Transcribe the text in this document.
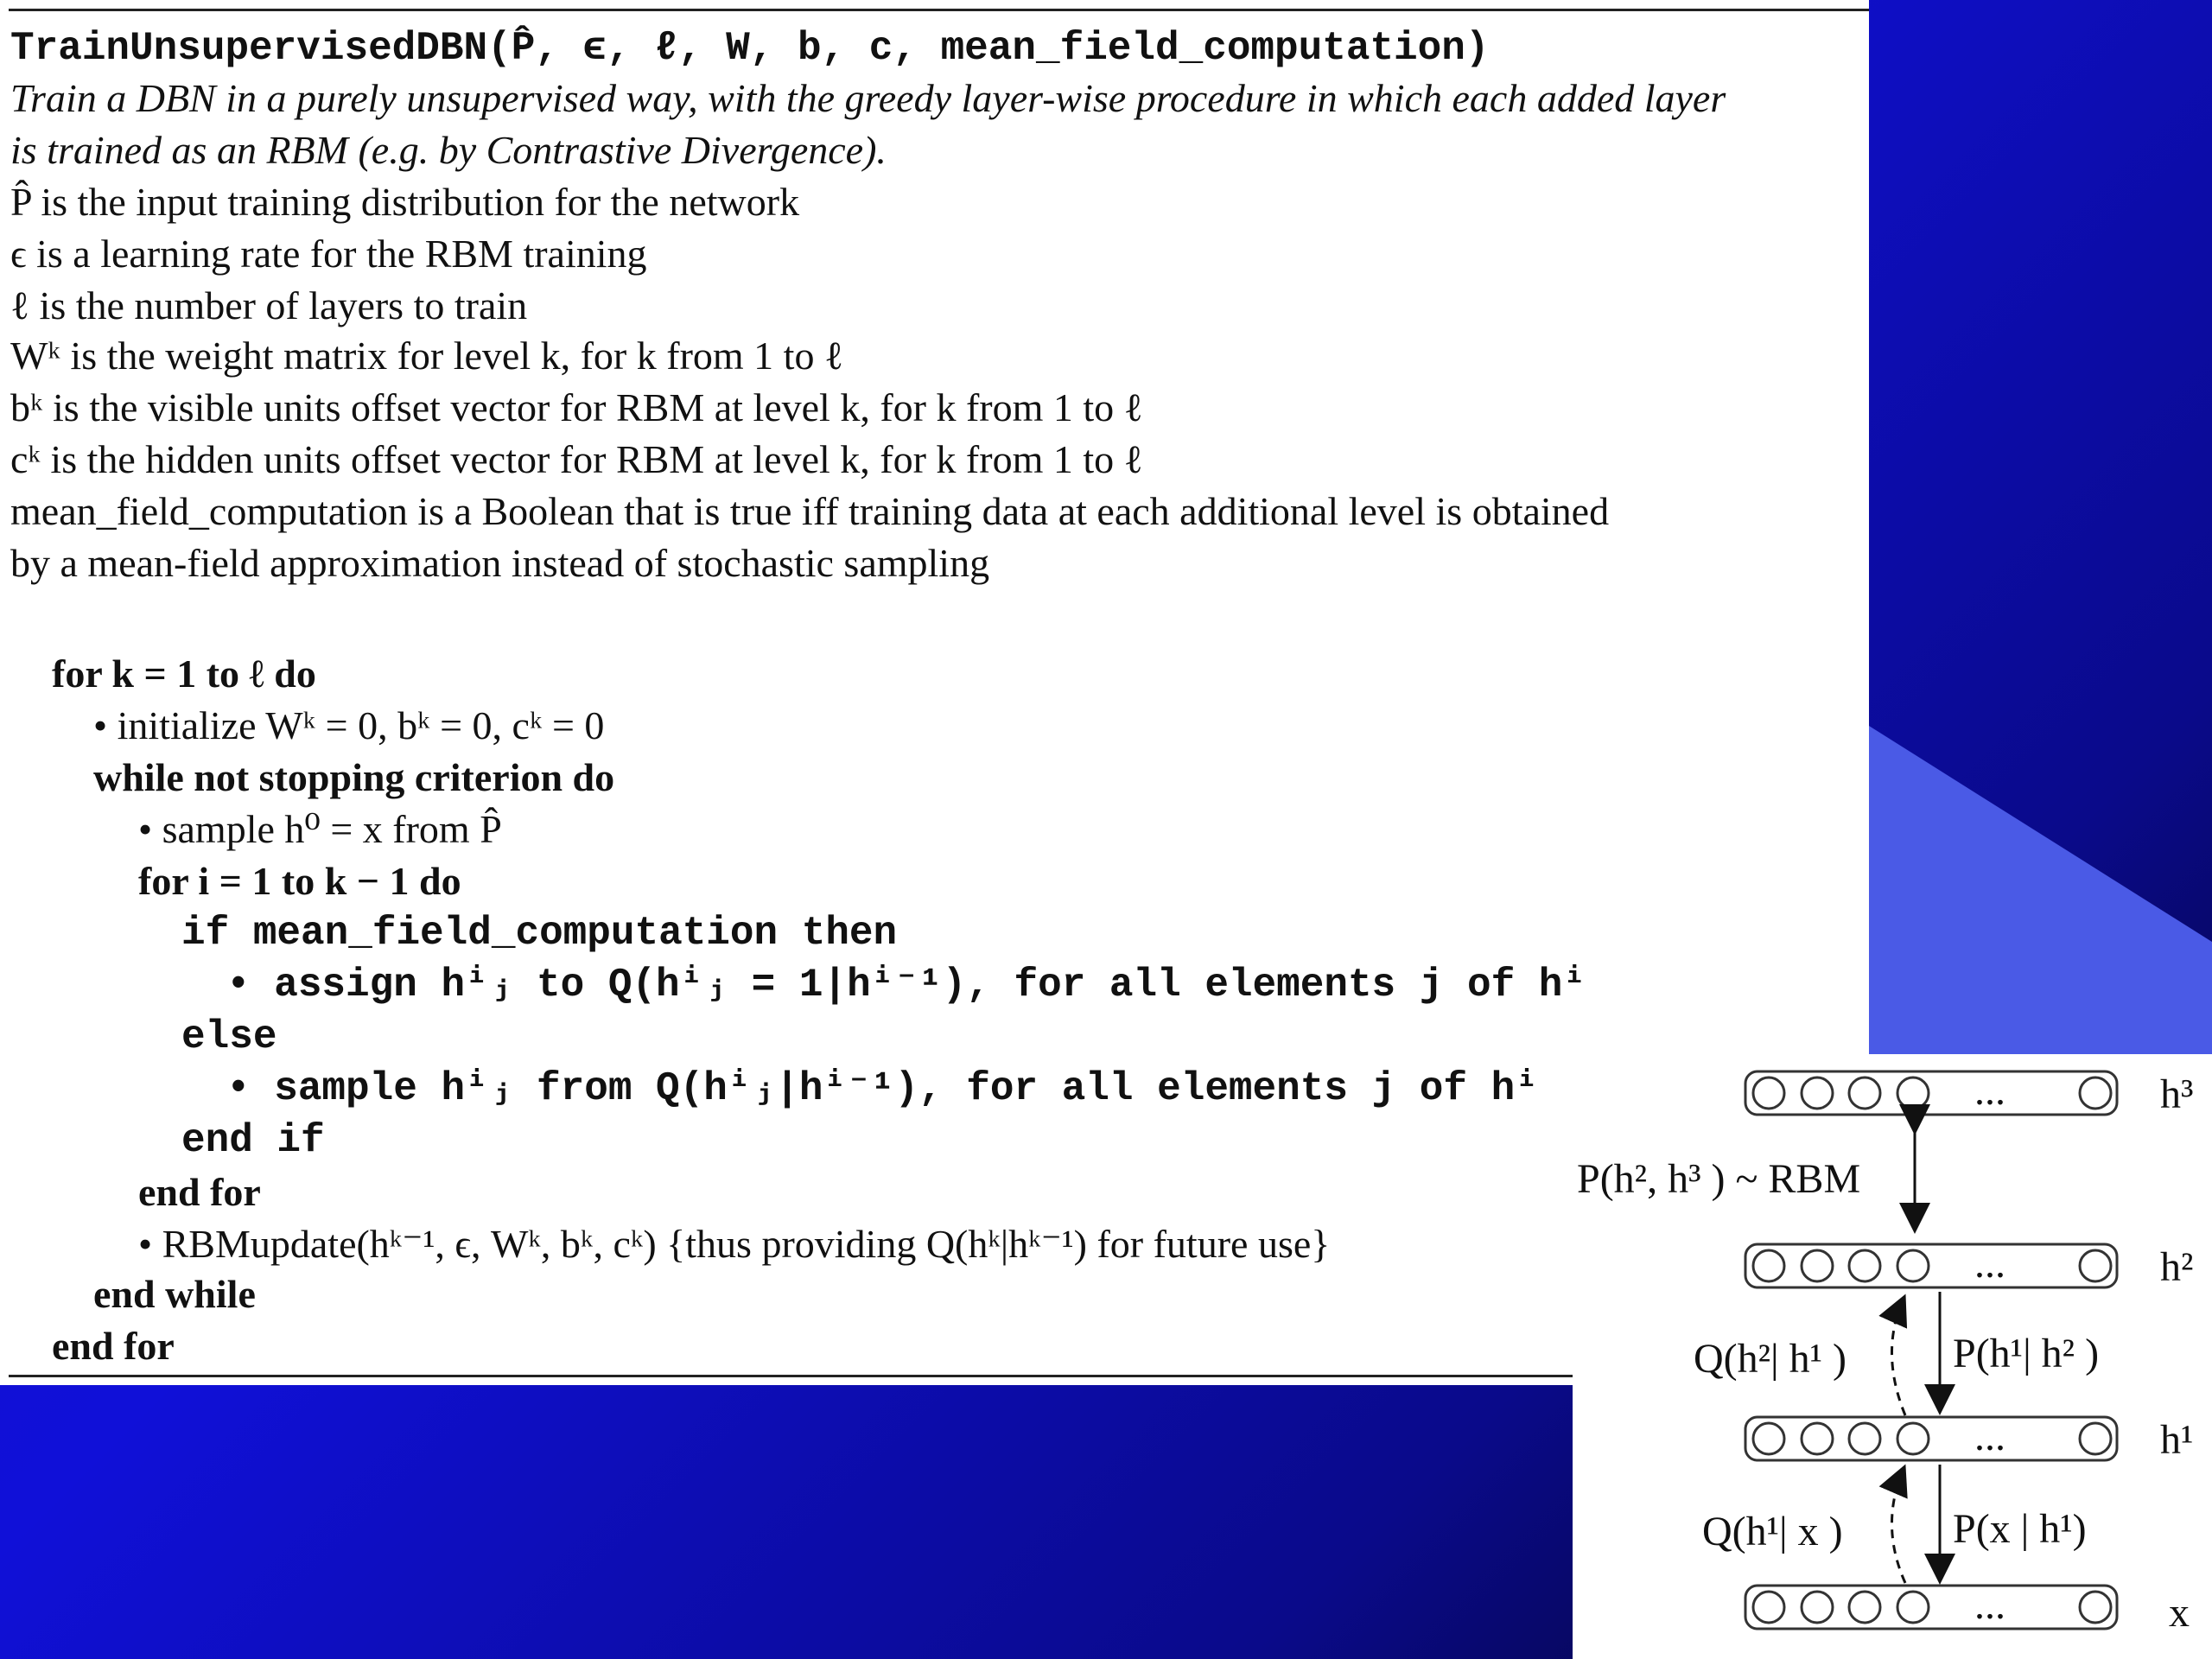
TrainUnsupervisedDBN(P̂, ϵ, ℓ, W, b, c, mean_field_computation)
Train a DBN in a purely unsupervised way, with the greedy layer-wise procedure in which each added layer
is trained as an RBM (e.g. by Contrastive Divergence).
P̂ is the input training distribution for the network
ϵ is a learning rate for the RBM training
ℓ is the number of layers to train
Wᵏ is the weight matrix for level k, for k from 1 to ℓ
bᵏ is the visible units offset vector for RBM at level k, for k from 1 to ℓ
cᵏ is the hidden units offset vector for RBM at level k, for k from 1 to ℓ
mean_field_computation is a Boolean that is true iff training data at each additional level is obtained
by a mean-field approximation instead of stochastic sampling
for k = 1 to ℓ do
• initialize Wᵏ = 0, bᵏ = 0, cᵏ = 0
while not stopping criterion do
• sample h⁰ = x from P̂
for i = 1 to k − 1 do
if mean_field_computation then
• assign hⁱⱼ to Q(hⁱⱼ = 1|hⁱ⁻¹), for all elements j of hⁱ
else
• sample hⁱⱼ from Q(hⁱⱼ|hⁱ⁻¹), for all elements j of hⁱ
end if
end for
• RBMupdate(hᵏ⁻¹, ϵ, Wᵏ, bᵏ, cᵏ) {thus providing Q(hᵏ|hᵏ⁻¹) for future use}
end while
end for
...	h³
...	h²
...	h¹
...	x
P(h², h³ ) ~ RBM
P(h¹| h² )
Q(h²| h¹ )
P(x | h¹)
Q(h¹| x )
